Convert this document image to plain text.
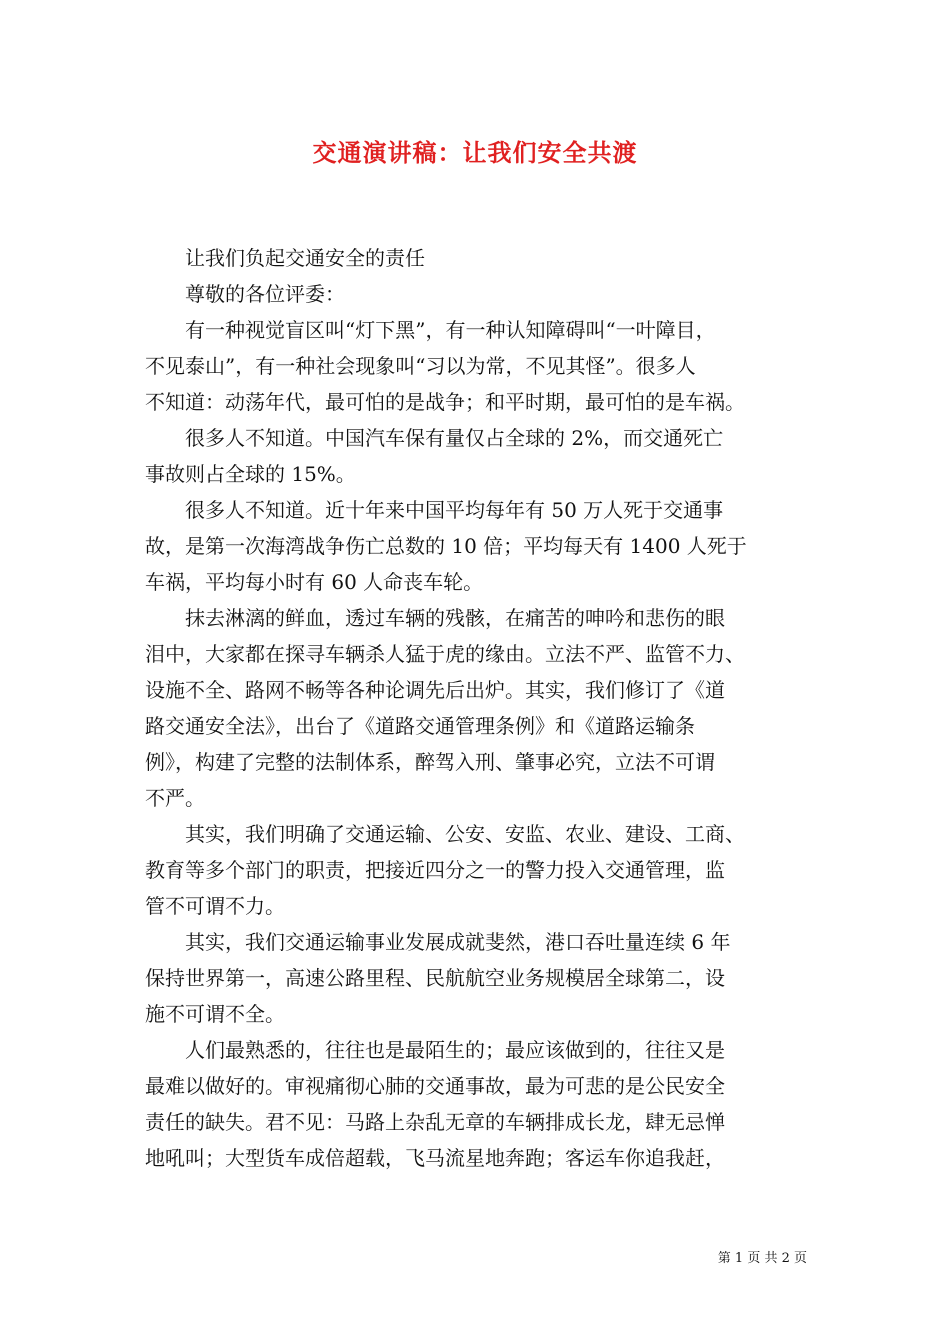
交通演讲稿：让我们安全共渡
　　让我们负起交通安全的责任
　　尊敬的各位评委：
　　有一种视觉盲区叫“灯下黑”，有一种认知障碍叫“一叶障目，
不见泰山”，有一种社会现象叫“习以为常，不见其怪”。很多人
不知道：动荡年代，最可怕的是战争；和平时期，最可怕的是车祸。
　　很多人不知道。中国汽车保有量仅占全球的 2%，而交通死亡
事故则占全球的 15%。
　　很多人不知道。近十年来中国平均每年有 50 万人死于交通事
故，是第一次海湾战争伤亡总数的 10 倍；平均每天有 1400 人死于
车祸，平均每小时有 60 人命丧车轮。
　　抹去淋漓的鲜血，透过车辆的残骸，在痛苦的呻吟和悲伤的眼
泪中，大家都在探寻车辆杀人猛于虎的缘由。立法不严、监管不力、
设施不全、路网不畅等各种论调先后出炉。其实，我们修订了《道
路交通安全法》，出台了《道路交通管理条例》和《道路运输条
例》，构建了完整的法制体系，醉驾入刑、肇事必究，立法不可谓
不严。
　　其实，我们明确了交通运输、公安、安监、农业、建设、工商、
教育等多个部门的职责，把接近四分之一的警力投入交通管理，监
管不可谓不力。
　　其实，我们交通运输事业发展成就斐然，港口吞吐量连续 6 年
保持世界第一，高速公路里程、民航航空业务规模居全球第二，设
施不可谓不全。
　　人们最熟悉的，往往也是最陌生的；最应该做到的，往往又是
最难以做好的。审视痛彻心肺的交通事故，最为可悲的是公民安全
责任的缺失。君不见：马路上杂乱无章的车辆排成长龙，肆无忌惮
地吼叫；大型货车成倍超载，飞马流星地奔跑；客运车你追我赶，
第 1 页 共 2 页
